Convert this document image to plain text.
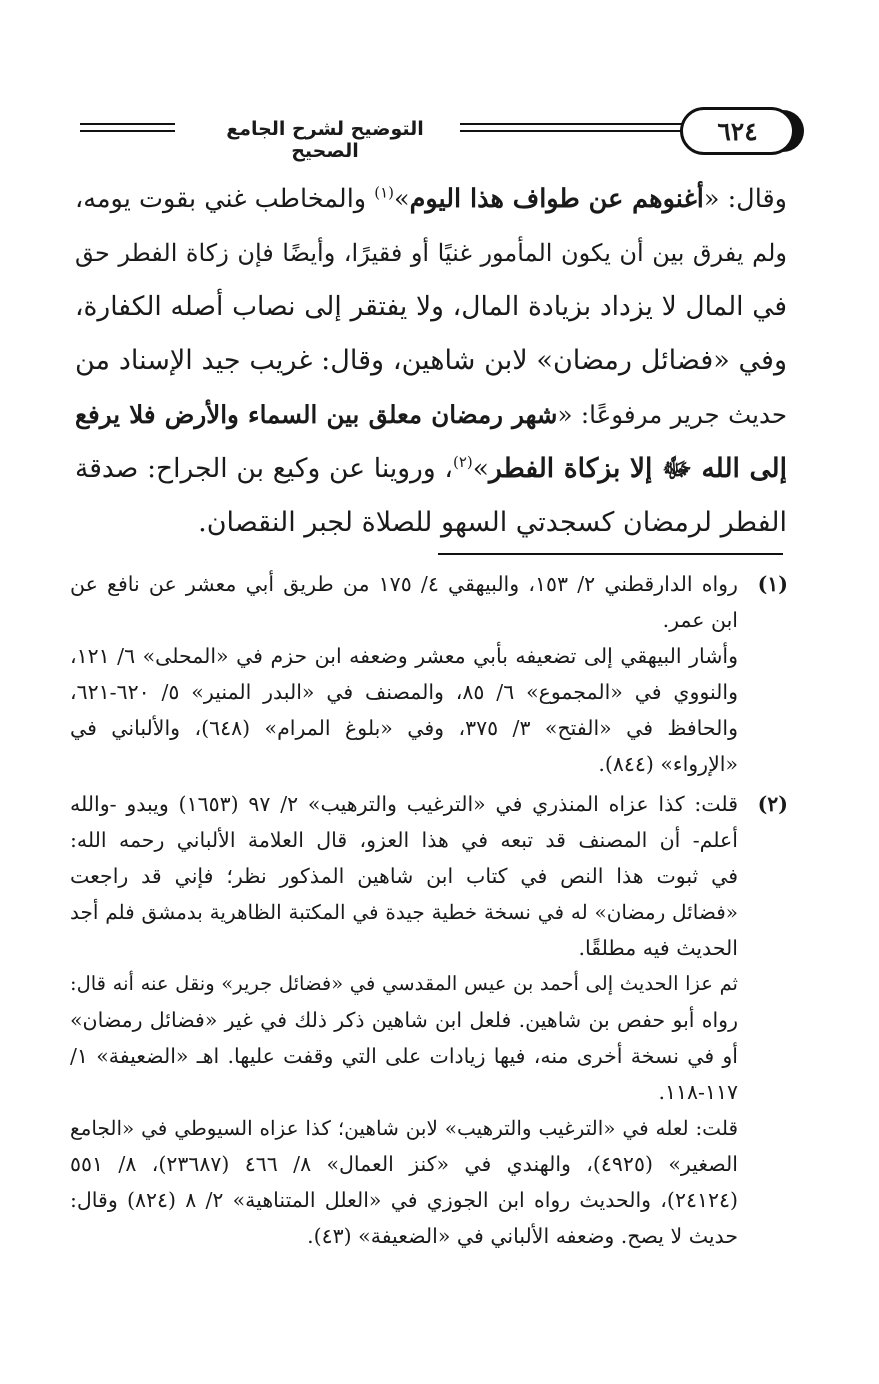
٦٢٤
التوضيح لشرح الجامع الصحيح
وقال: «أغنوهم عن طواف هذا اليوم»$^{(١)}$ والمخاطب غني بقوت يومه،
ولم يفرق بين أن يكون المأمور غنيًا أو فقيرًا، وأيضًا فإن زكاة الفطر حق
في المال لا يزداد بزيادة المال، ولا يفتقر إلى نصاب أصله الكفارة،
وفي «فضائل رمضان» لابن شاهين، وقال: غريب جيد الإسناد من
حديث جرير مرفوعًا: «شهر رمضان معلق بين السماء والأرض فلا يرفع
إلى الله ﷻ إلا بزكاة الفطر»$^{(٢)}$، وروينا عن وكيع بن الجراح: صدقة
الفطر لرمضان كسجدتي السهو للصلاة لجبر النقصان.
(١)
رواه الدارقطني ٢/ ١٥٣، والبيهقي ٤/ ١٧٥ من طريق أبي معشر عن نافع عن
ابن عمر.
وأشار البيهقي إلى تضعيفه بأبي معشر وضعفه ابن حزم في «المحلى» ٦/ ١٢١،
والنووي في «المجموع» ٦/ ٨٥، والمصنف في «البدر المنير» ٥/ ٦٢٠-٦٢١،
والحافظ في «الفتح» ٣/ ٣٧٥، وفي «بلوغ المرام» (٦٤٨)، والألباني في
«الإرواء» (٨٤٤).
(٢)
قلت: كذا عزاه المنذري في «الترغيب والترهيب» ٢/ ٩٧ (١٦٥٣) ويبدو -والله
أعلم- أن المصنف قد تبعه في هذا العزو، قال العلامة الألباني رحمه الله:
في ثبوت هذا النص في كتاب ابن شاهين المذكور نظر؛ فإني قد راجعت
«فضائل رمضان» له في نسخة خطية جيدة في المكتبة الظاهرية بدمشق فلم أجد
الحديث فيه مطلقًا.
ثم عزا الحديث إلى أحمد بن عيس المقدسي في «فضائل جرير» ونقل عنه أنه قال:
رواه أبو حفص بن شاهين. فلعل ابن شاهين ذكر ذلك في غير «فضائل رمضان»
أو في نسخة أخرى منه، فيها زيادات على التي وقفت عليها. اهـ «الضعيفة» ١/
١١٧-١١٨.
قلت: لعله في «الترغيب والترهيب» لابن شاهين؛ كذا عزاه السيوطي في «الجامع
الصغير» (٤٩٢٥)، والهندي في «كنز العمال» ٨/ ٤٦٦ (٢٣٦٨٧)، ٨/ ٥٥١
(٢٤١٢٤)، والحديث رواه ابن الجوزي في «العلل المتناهية» ٢/ ٨ (٨٢٤) وقال:
حديث لا يصح. وضعفه الألباني في «الضعيفة» (٤٣).
